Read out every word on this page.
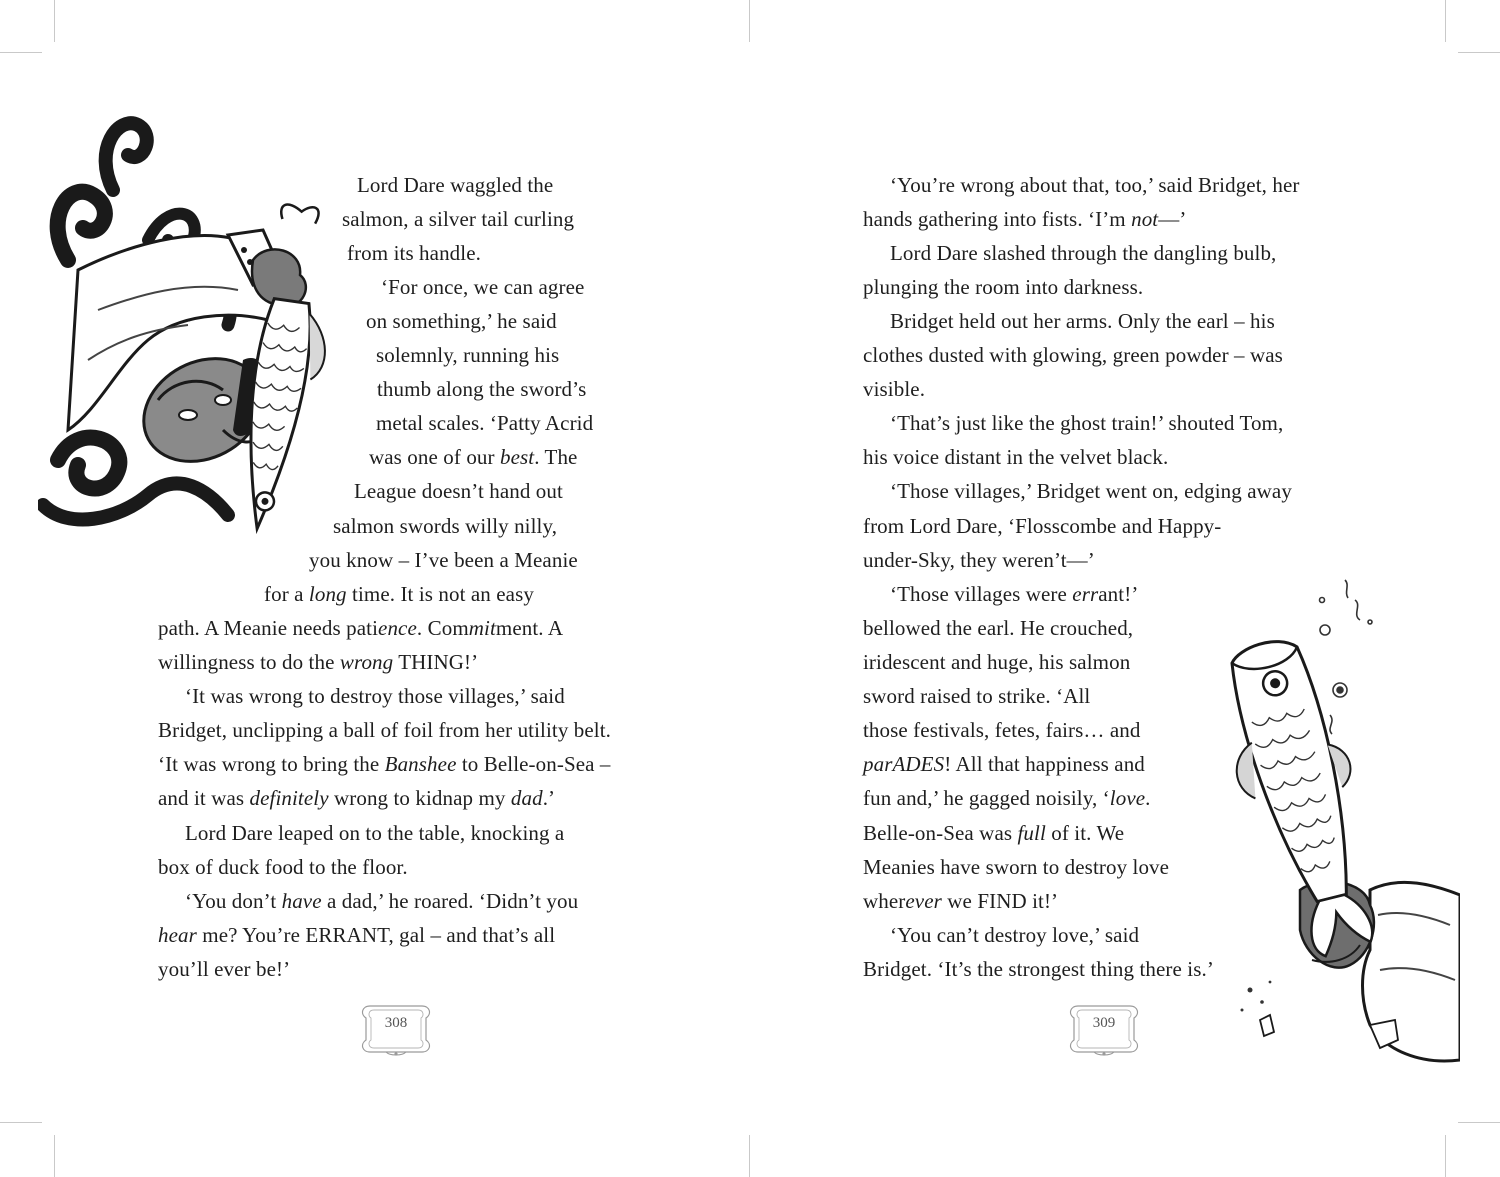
Lord Dare waggled the
salmon, a silver tail curling
from its handle.
‘For once, we can agree
on something,’ he said
solemnly, running his
thumb along the sword’s
metal scales. ‘Patty Acrid
was one of our best. The
League doesn’t hand out
salmon swords willy nilly,
you know – I’ve been a Meanie
for a long time. It is not an easy
path. A Meanie needs patience. Commitment. A
willingness to do the wrong THING!’
‘It was wrong to destroy those villages,’ said
Bridget, unclipping a ball of foil from her utility belt.
‘It was wrong to bring the Banshee to Belle-on-Sea –
and it was definitely wrong to kidnap my dad.’
Lord Dare leaped on to the table, knocking a
box of duck food to the floor.
‘You don’t have a dad,’ he roared. ‘Didn’t you
hear me? You’re ERRANT, gal – and that’s all
you’ll ever be!’
308
‘You’re wrong about that, too,’ said Bridget, her
hands gathering into fists. ‘I’m not—’
Lord Dare slashed through the dangling bulb,
plunging the room into darkness.
Bridget held out her arms. Only the earl – his
clothes dusted with glowing, green powder – was
visible.
‘That’s just like the ghost train!’ shouted Tom,
his voice distant in the velvet black.
‘Those villages,’ Bridget went on, edging away
from Lord Dare, ‘Flosscombe and Happy-
under-Sky, they weren’t—’
‘Those villages were errant!’
bellowed the earl. He crouched,
iridescent and huge, his salmon
sword raised to strike. ‘All
those festivals, fetes, fairs… and
parADES! All that happiness and
fun and,’ he gagged noisily, ‘love.
Belle-on-Sea was full of it. We
Meanies have sworn to destroy love
wherever we FIND it!’
‘You can’t destroy love,’ said
Bridget. ‘It’s the strongest thing there is.’
309
